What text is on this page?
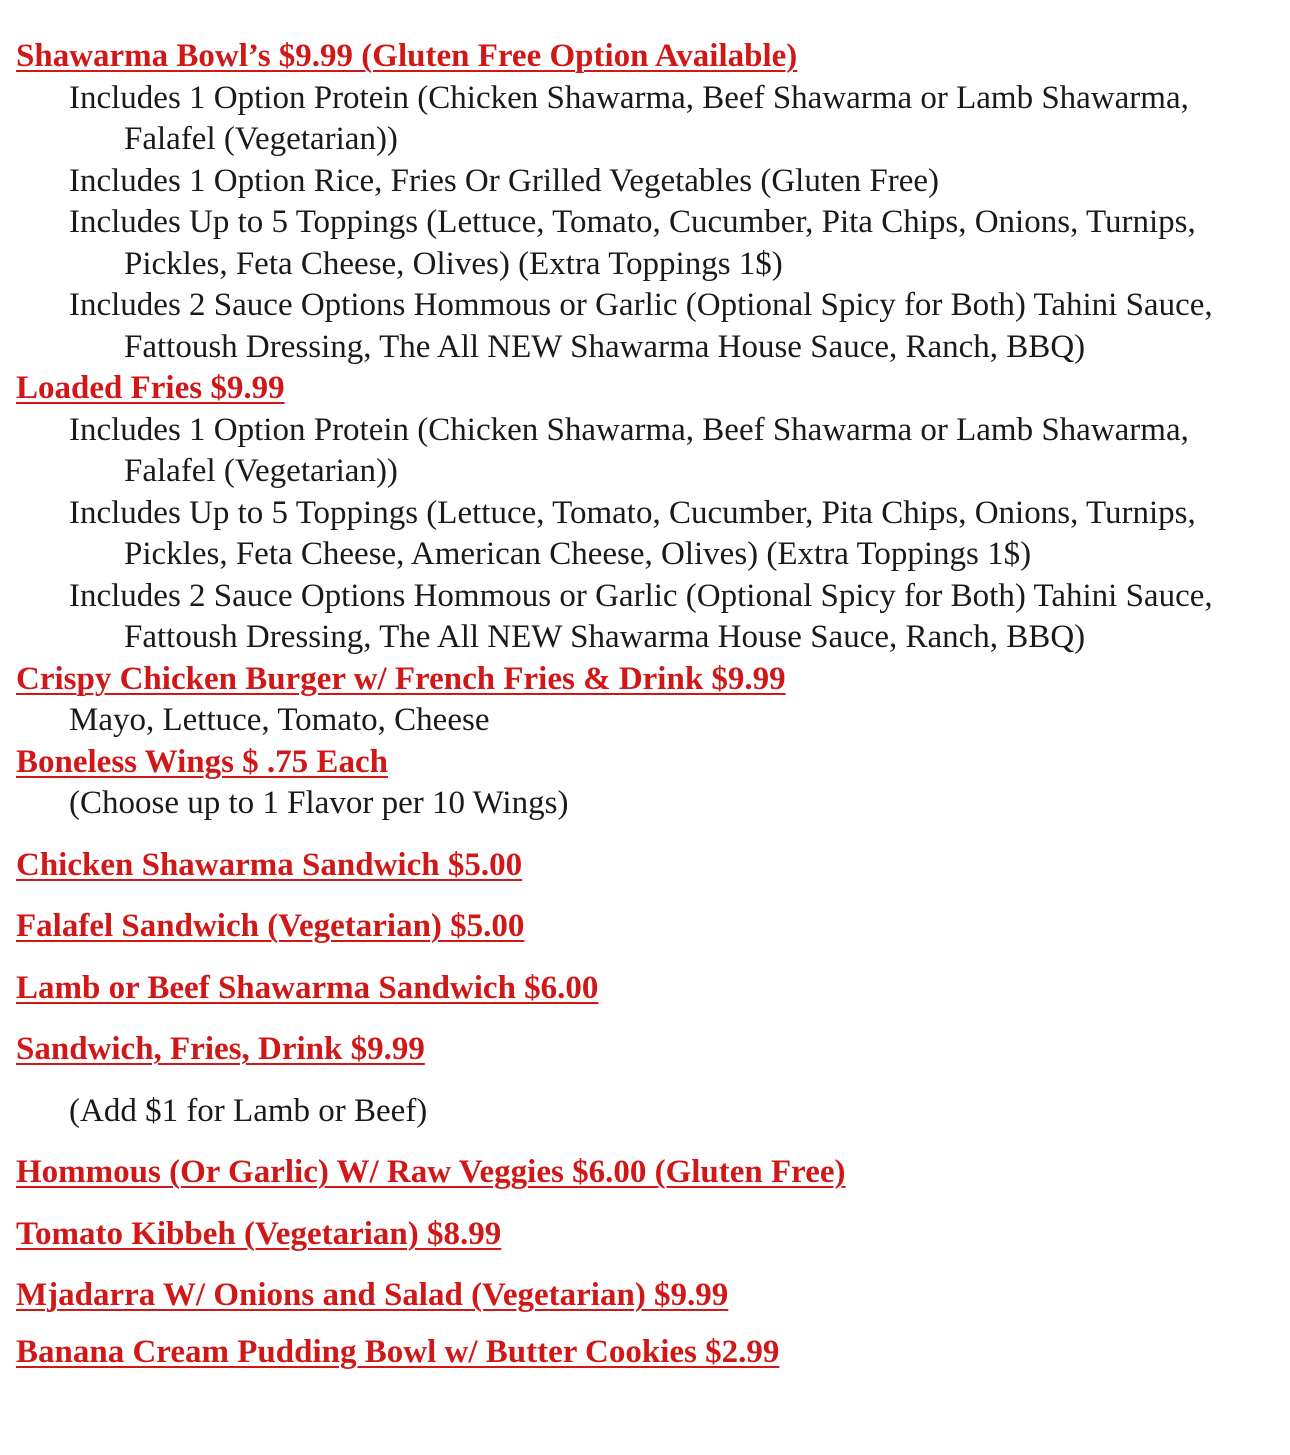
Shawarma Bowl’s $9.99 (Gluten Free Option Available)
Includes 1 Option Protein (Chicken Shawarma, Beef Shawarma or Lamb Shawarma, Falafel (Vegetarian))
Includes 1 Option Rice, Fries Or Grilled Vegetables (Gluten Free)
Includes Up to 5 Toppings (Lettuce, Tomato, Cucumber, Pita Chips, Onions, Turnips, Pickles, Feta Cheese, Olives) (Extra Toppings 1$)
Includes 2 Sauce Options Hommous or Garlic (Optional Spicy for Both) Tahini Sauce, Fattoush Dressing, The All NEW Shawarma House Sauce, Ranch, BBQ)
Loaded Fries $9.99
Includes 1 Option Protein (Chicken Shawarma, Beef Shawarma or Lamb Shawarma, Falafel (Vegetarian))
Includes Up to 5 Toppings (Lettuce, Tomato, Cucumber, Pita Chips, Onions, Turnips, Pickles, Feta Cheese, American Cheese, Olives) (Extra Toppings 1$)
Includes 2 Sauce Options Hommous or Garlic (Optional Spicy for Both) Tahini Sauce, Fattoush Dressing, The All NEW Shawarma House Sauce, Ranch, BBQ)
Crispy Chicken Burger w/ French Fries & Drink $9.99
Mayo, Lettuce, Tomato, Cheese
Boneless Wings $ .75 Each
(Choose up to 1 Flavor per 10 Wings)
Chicken Shawarma Sandwich $5.00
Falafel Sandwich (Vegetarian) $5.00
Lamb or Beef Shawarma Sandwich $6.00
Sandwich, Fries, Drink $9.99
(Add $1 for Lamb or Beef)
Hommous (Or Garlic) W/ Raw Veggies $6.00 (Gluten Free)
Tomato Kibbeh (Vegetarian) $8.99
Mjadarra W/ Onions and Salad (Vegetarian) $9.99
Banana Cream Pudding Bowl w/ Butter Cookies $2.99
